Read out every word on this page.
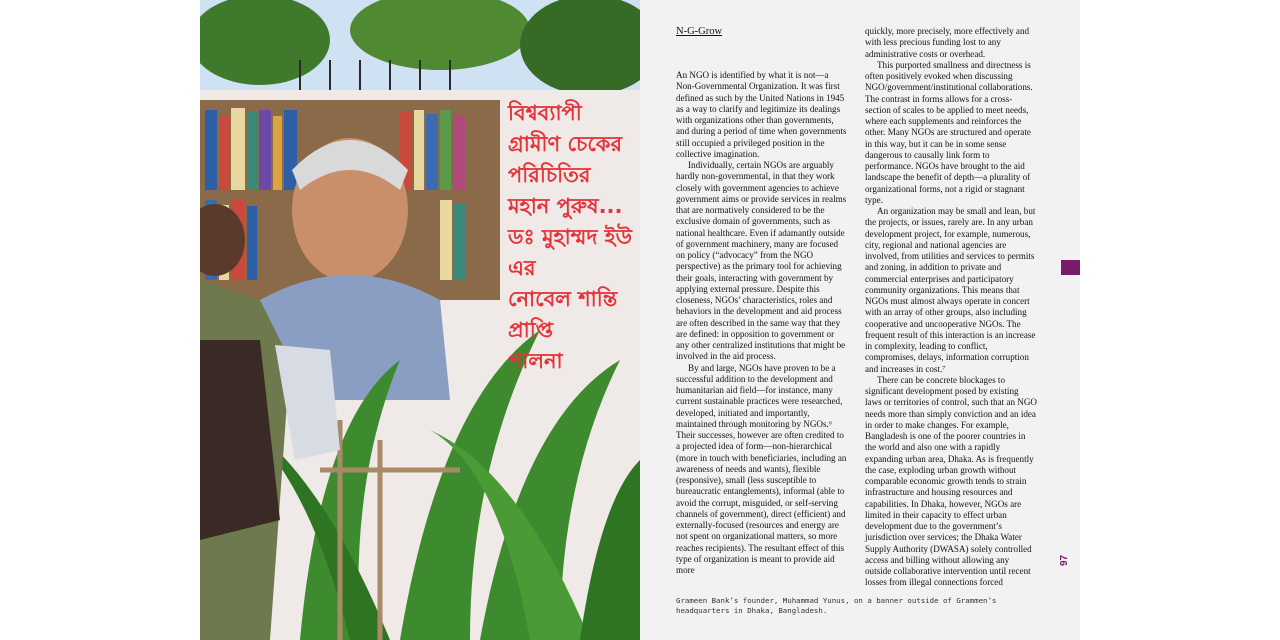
বিশ্বব্যাপী
গ্রামীণ চেকের
পরিচিতির
মহান পুরুষ...
ডঃ মুহাম্মদ ইউ
এর
নোবেল শান্তি
প্রাপ্তি
পালনা
N-G-Grow

An NGO is identified by what it is not—a Non-Governmental Organization. It was first defined as such by the United Nations in 1945 as a way to clarify and legitimize its dealings with organizations other than governments, and during a period of time when governments still occupied a privileged position in the collective imagination.

Individually, certain NGOs are arguably hardly non-governmental, in that they work closely with government agencies to achieve government aims or provide services in realms that are normatively considered to be the exclusive domain of governments, such as national healthcare. Even if adamantly outside of government machinery, many are focused on policy (“advocacy” from the NGO perspective) as the primary tool for achieving their goals, interacting with government by applying external pressure. Despite this closeness, NGOs’ characteristics, roles and behaviors in the development and aid process are often described in the same way that they are defined: in opposition to government or any other centralized institutions that might be involved in the aid process.

By and large, NGOs have proven to be a successful addition to the development and humanitarian aid field—for instance, many current sustainable practices were researched, developed, initiated and importantly, maintained through monitoring by NGOs.⁶ Their successes, however are often credited to a projected idea of form—non-hierarchical (more in touch with beneficiaries, including an awareness of needs and wants), flexible (responsive), small (less susceptible to bureaucratic entanglements), informal (able to avoid the corrupt, misguided, or self-serving channels of government), direct (efficient) and externally-focused (resources and energy are not spent on organizational matters, so more reaches recipients). The resultant effect of this type of organization is meant to provide aid more

quickly, more precisely, more effectively and with less precious funding lost to any administrative costs or overhead.

This purported smallness and directness is often positively evoked when discussing NGO/government/institutional collaborations. The contrast in forms allows for a cross-section of scales to be applied to meet needs, where each supplements and reinforces the other. Many NGOs are structured and operate in this way, but it can be in some sense dangerous to causally link form to performance. NGOs have brought to the aid landscape the benefit of depth—a plurality of organizational forms, not a rigid or stagnant type.

An organization may be small and lean, but the projects, or issues, rarely are. In any urban development project, for example, numerous, city, regional and national agencies are involved, from utilities and services to permits and zoning, in addition to private and commercial enterprises and participatory community organizations. This means that NGOs must almost always operate in concert with an array of other groups, also including cooperative and uncooperative NGOs. The frequent result of this interaction is an increase in complexity, leading to conflict, compromises, delays, information corruption and increases in cost.⁷

There can be concrete blockages to significant development posed by existing laws or territories of control, such that an NGO needs more than simply conviction and an idea in order to make changes. For example, Bangladesh is one of the poorer countries in the world and also one with a rapidly expanding urban area, Dhaka. As is frequently the case, exploding urban growth without comparable economic growth tends to strain infrastructure and housing resources and capabilities. In Dhaka, however, NGOs are limited in their capacity to effect urban development due to the government’s jurisdiction over services; the Dhaka Water Supply Authority (DWASA) solely controlled access and billing without allowing any outside collaborative intervention until recent losses from illegal connections forced

Grameen Bank’s founder, Muhammad Yunus, on a banner outside of Grammen’s headquarters in Dhaka, Bangladesh.
97
